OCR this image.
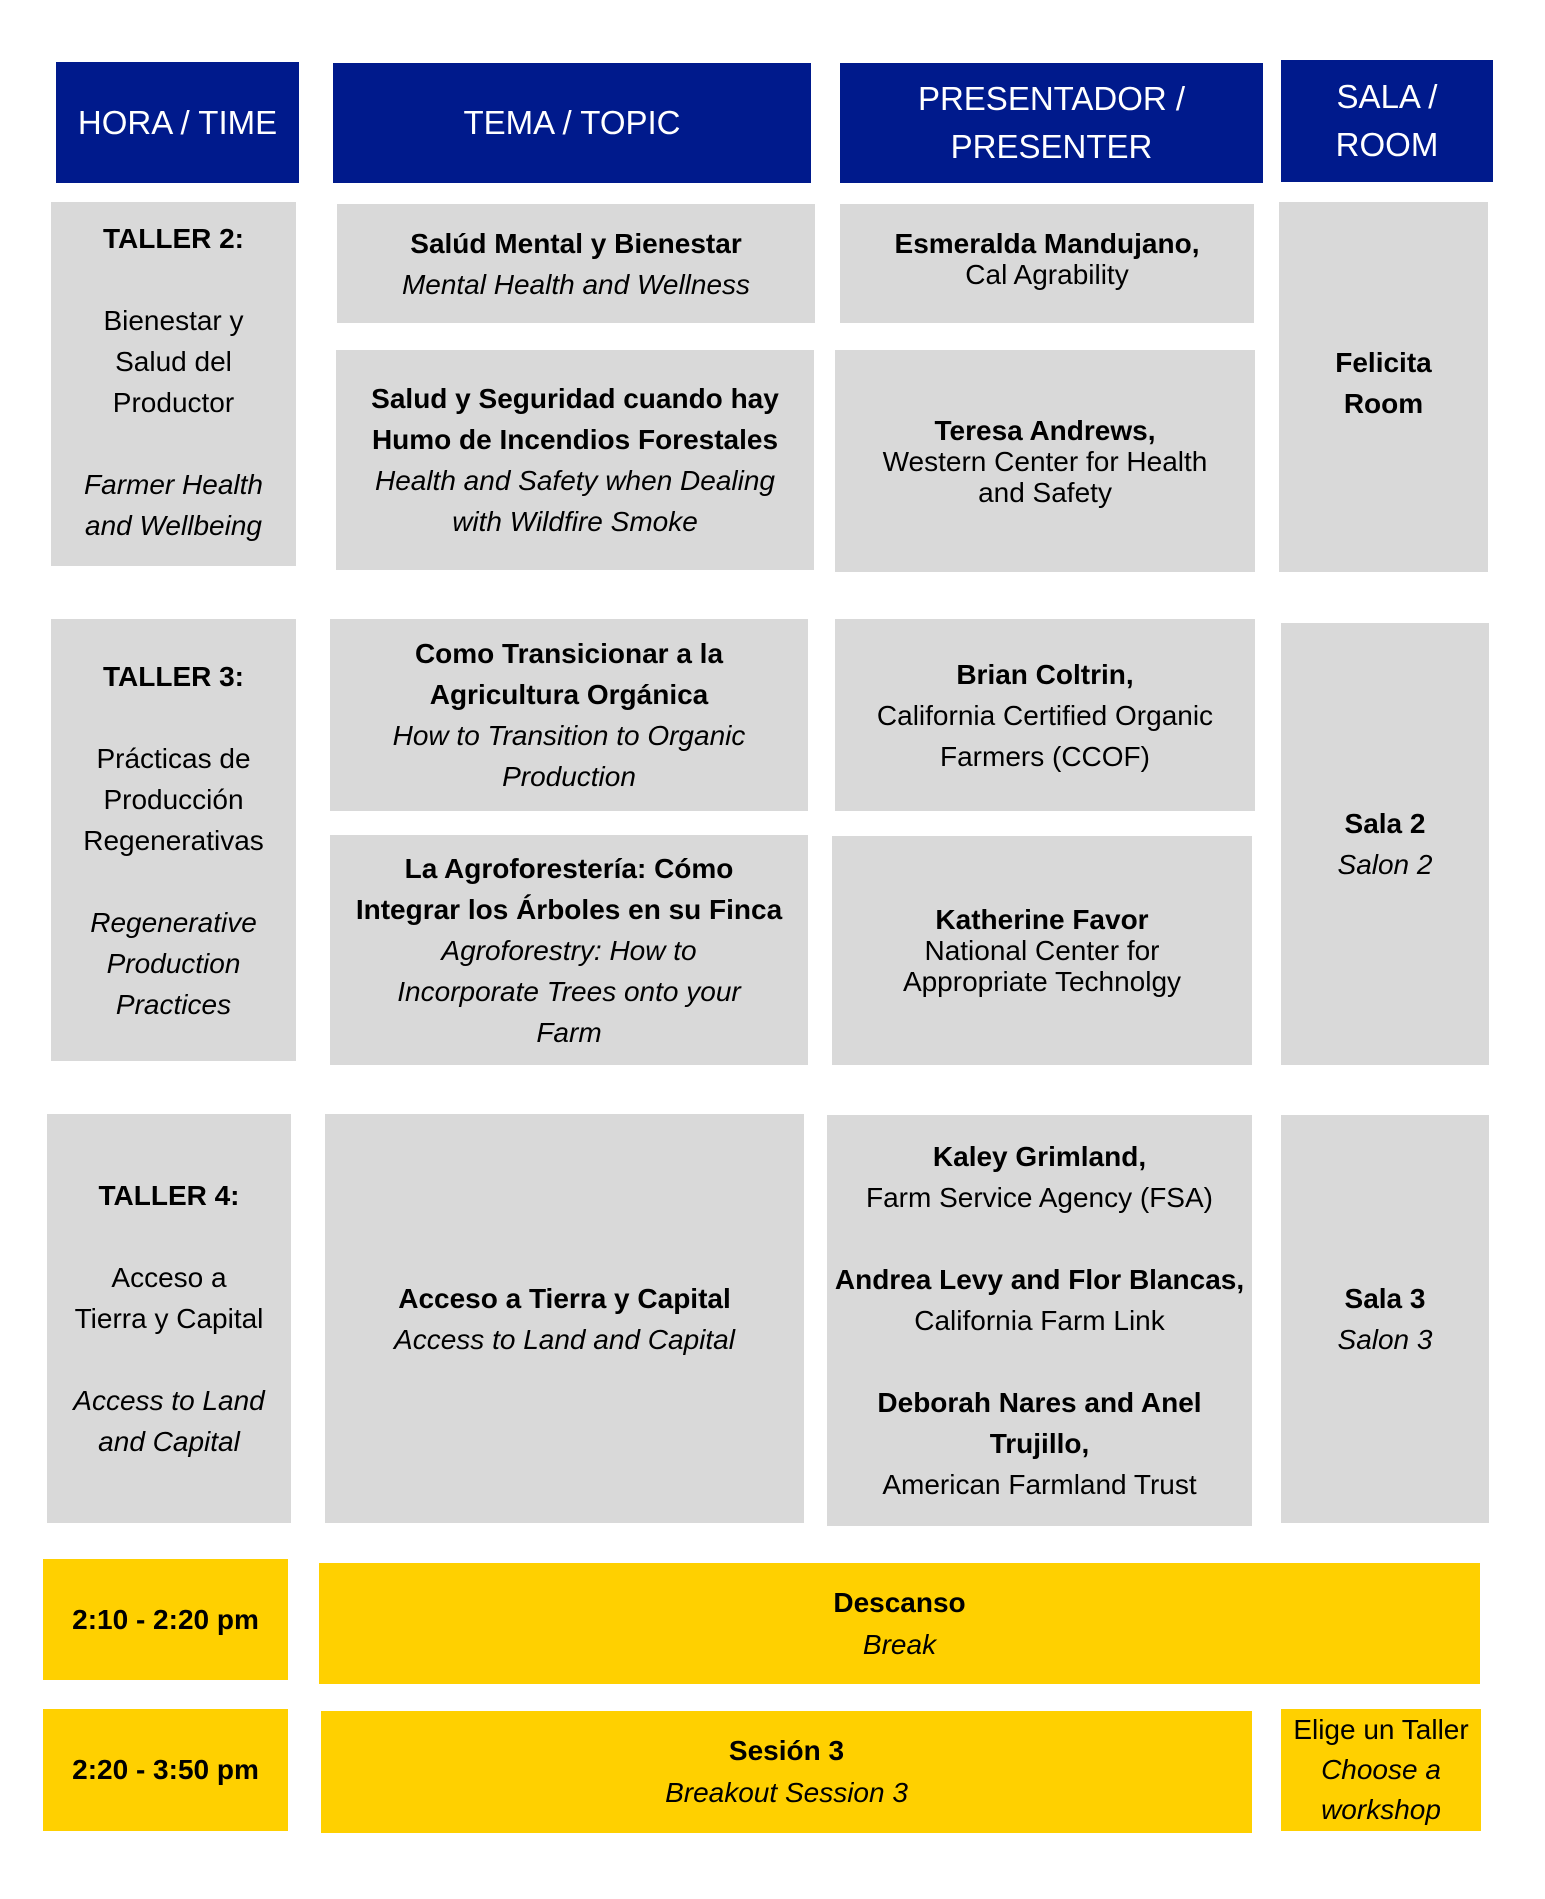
HORA / TIME	TEMA / TOPIC
PRESENTADOR /
PRESENTER
SALA /
ROOM
TALLER 2:
Bienestar y
Salud del
Productor
Farmer Health
and Wellbeing
Salúd Mental y Bienestar
Mental Health and Wellness
Salud y Seguridad cuando hay
Humo de Incendios Forestales
Health and Safety when Dealing
with Wildfire Smoke
Esmeralda Mandujano,
Cal Agrability
Teresa Andrews,
Western Center for Health
and Safety
Felicita
Room
TALLER 3:
Prácticas de
Producción
Regenerativas
Regenerative
Production
Practices
Como Transicionar a la
Agricultura Orgánica
How to Transition to Organic
Production
La Agroforestería: Cómo
Integrar los Árboles en su Finca
Agroforestry: How to
Incorporate Trees onto your
Farm
Brian Coltrin,
California Certified Organic
Farmers (CCOF)
Katherine Favor
National Center for
Appropriate Technolgy
Sala 2
Salon 2
TALLER 4:
Acceso a
Tierra y Capital
Access to Land
and Capital
Acceso a Tierra y Capital
Access to Land and Capital
Kaley Grimland,
Farm Service Agency (FSA)
Andrea Levy and Flor Blancas,
California Farm Link
Deborah Nares and Anel
Trujillo,
American Farmland Trust
Sala 3
Salon 3
2:10 - 2:20 pm
Descanso
Break
2:20 - 3:50 pm
Sesión 3
Breakout Session 3
Elige un Taller
Choose a
workshop
